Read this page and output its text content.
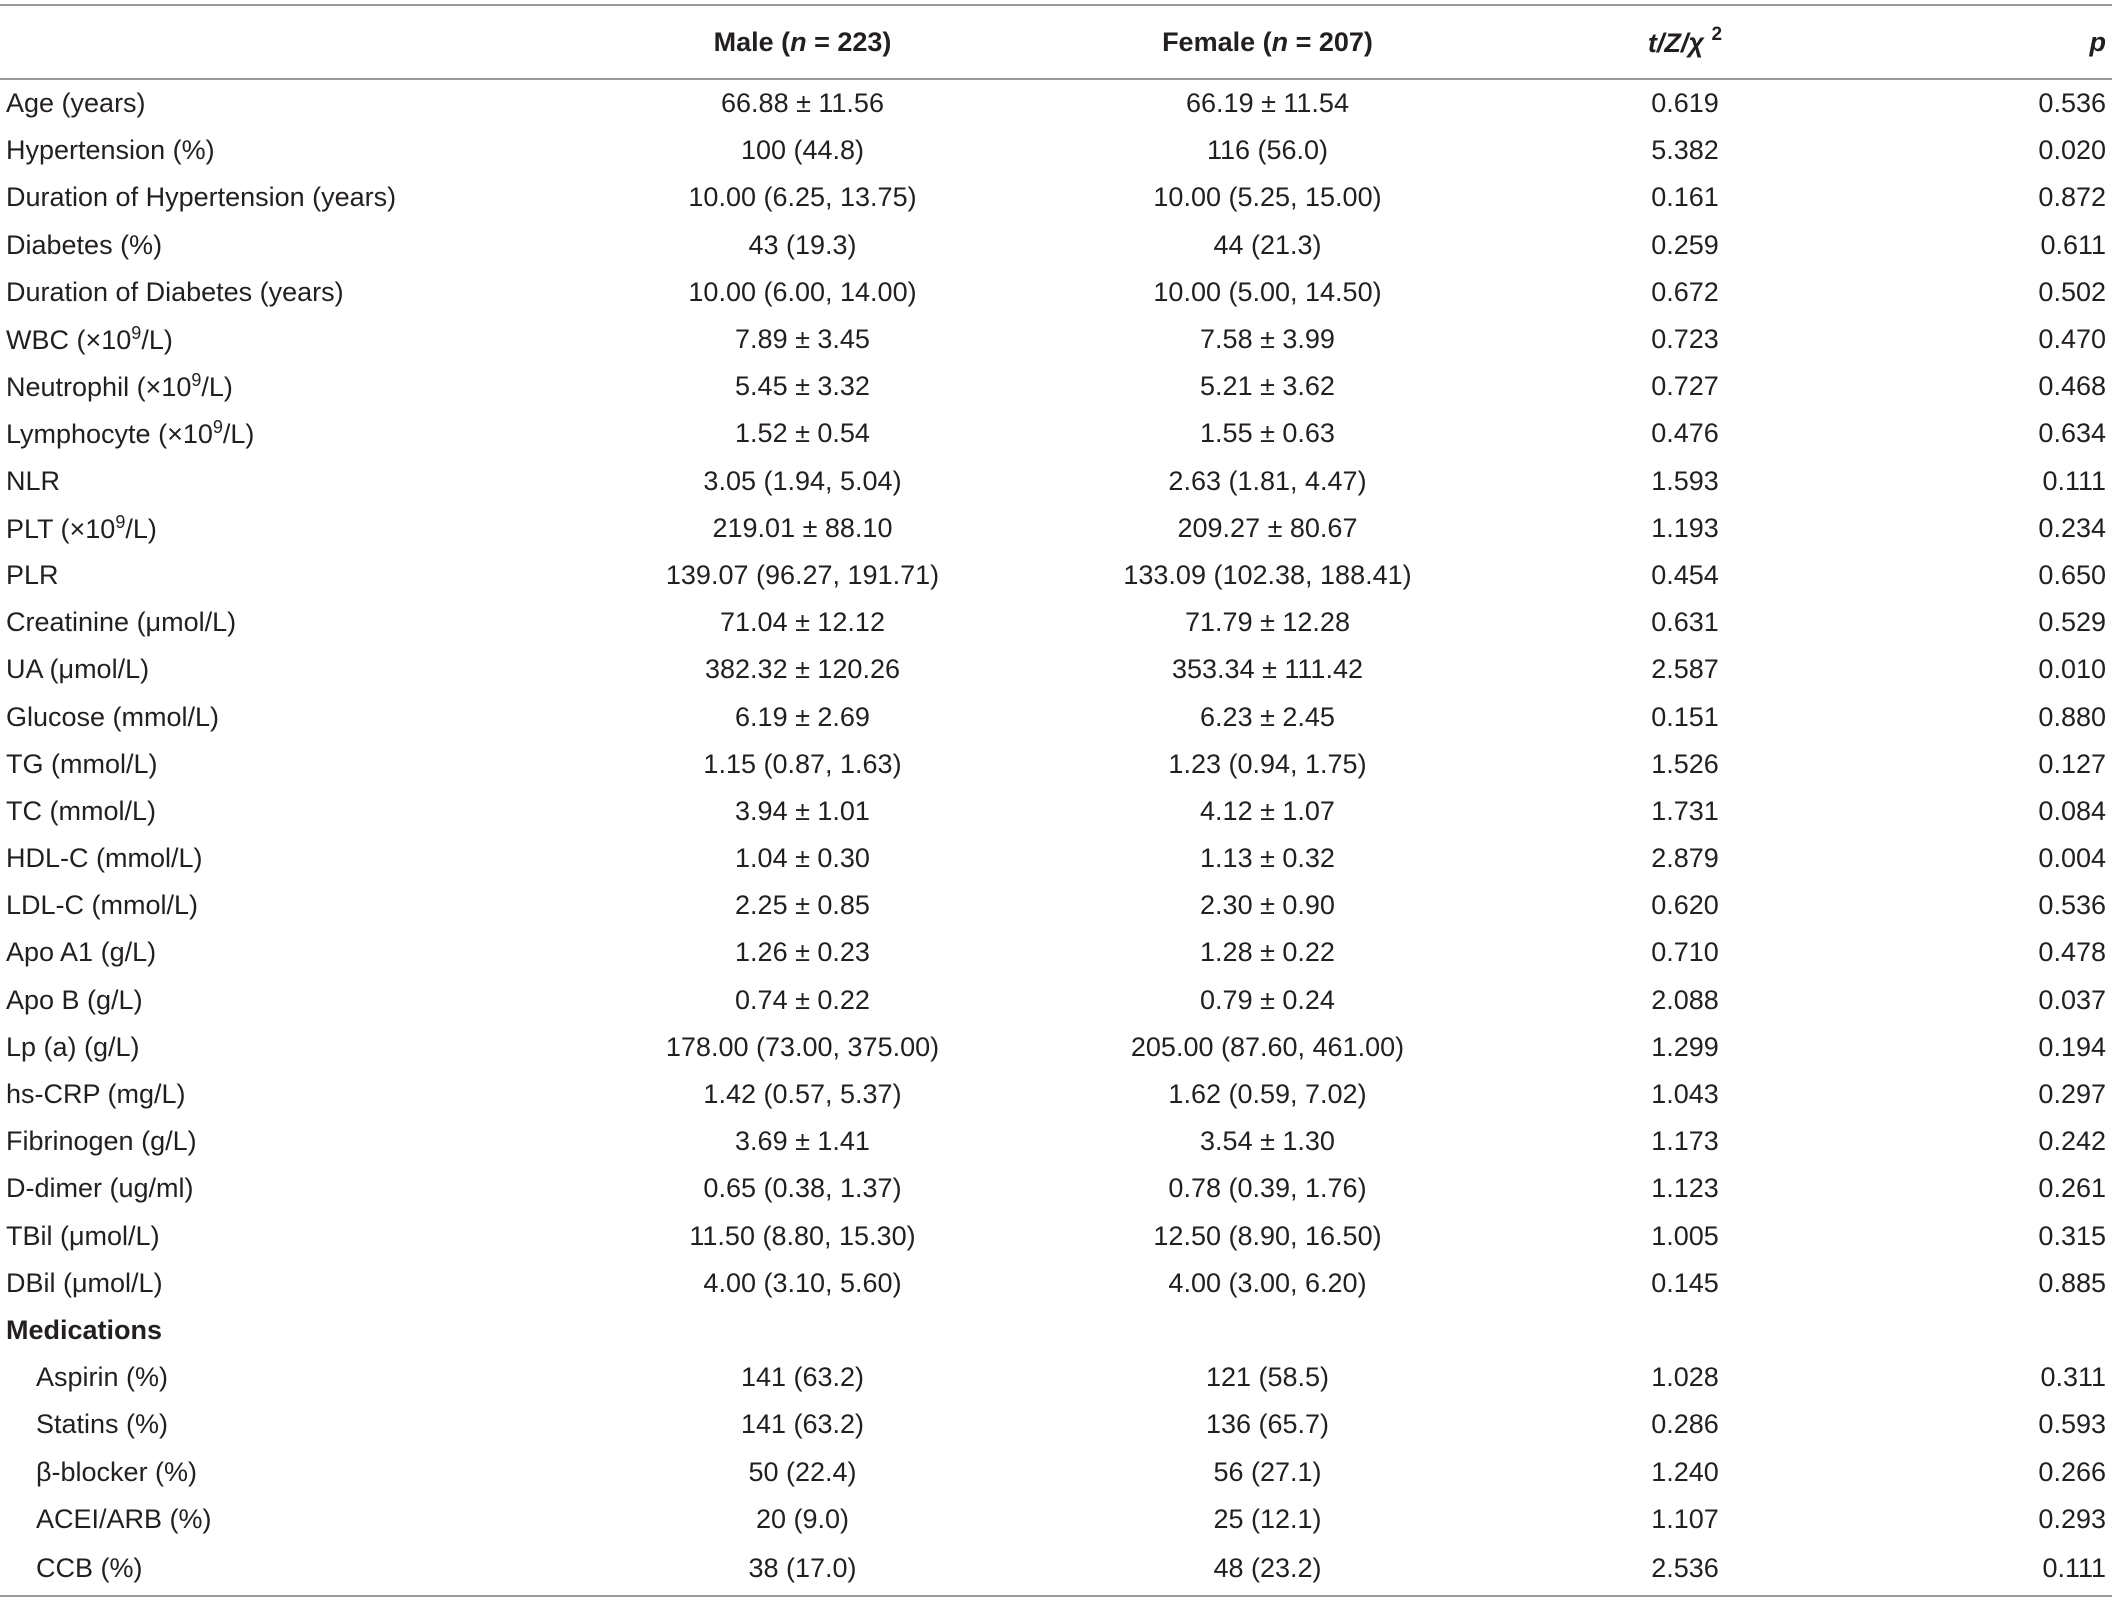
	Male (n = 223)	Female (n = 207)	t/Z/χ $^2$	p
Age (years)	66.88 ± 11.56	66.19 ± 11.54	0.619	0.536
Hypertension (%)	100 (44.8)	116 (56.0)	5.382	0.020
Duration of Hypertension (years)	10.00 (6.25, 13.75)	10.00 (5.25, 15.00)	0.161	0.872
Diabetes (%)	43 (19.3)	44 (21.3)	0.259	0.611
Duration of Diabetes (years)	10.00 (6.00, 14.00)	10.00 (5.00, 14.50)	0.672	0.502
WBC $(\times 10^9/L)$	7.89 ± 3.45	7.58 ± 3.99	0.723	0.470
Neutrophil $(\times 10^9/L)$	5.45 ± 3.32	5.21 ± 3.62	0.727	0.468
Lymphocyte $(\times 10^9/L)$	1.52 ± 0.54	1.55 ± 0.63	0.476	0.634
NLR	3.05 (1.94, 5.04)	2.63 (1.81, 4.47)	1.593	0.111
PLT $(\times 10^9/L)$	219.01 ± 88.10	209.27 ± 80.67	1.193	0.234
PLR	139.07 (96.27, 191.71)	133.09 (102.38, 188.41)	0.454	0.650
Creatinine (μmol/L)	71.04 ± 12.12	71.79 ± 12.28	0.631	0.529
UA (μmol/L)	382.32 ± 120.26	353.34 ± 111.42	2.587	0.010
Glucose (mmol/L)	6.19 ± 2.69	6.23 ± 2.45	0.151	0.880
TG (mmol/L)	1.15 (0.87, 1.63)	1.23 (0.94, 1.75)	1.526	0.127
TC (mmol/L)	3.94 ± 1.01	4.12 ± 1.07	1.731	0.084
HDL-C (mmol/L)	1.04 ± 0.30	1.13 ± 0.32	2.879	0.004
LDL-C (mmol/L)	2.25 ± 0.85	2.30 ± 0.90	0.620	0.536
Apo A1 (g/L)	1.26 ± 0.23	1.28 ± 0.22	0.710	0.478
Apo B (g/L)	0.74 ± 0.22	0.79 ± 0.24	2.088	0.037
Lp (a) (g/L)	178.00 (73.00, 375.00)	205.00 (87.60, 461.00)	1.299	0.194
hs-CRP (mg/L)	1.42 (0.57, 5.37)	1.62 (0.59, 7.02)	1.043	0.297
Fibrinogen (g/L)	3.69 ± 1.41	3.54 ± 1.30	1.173	0.242
D-dimer (ug/ml)	0.65 (0.38, 1.37)	0.78 (0.39, 1.76)	1.123	0.261
TBil (μmol/L)	11.50 (8.80, 15.30)	12.50 (8.90, 16.50)	1.005	0.315
DBil (μmol/L)	4.00 (3.10, 5.60)	4.00 (3.00, 6.20)	0.145	0.885
Medications				
Aspirin (%)	141 (63.2)	121 (58.5)	1.028	0.311
Statins (%)	141 (63.2)	136 (65.7)	0.286	0.593
β-blocker (%)	50 (22.4)	56 (27.1)	1.240	0.266
ACEI/ARB (%)	20 (9.0)	25 (12.1)	1.107	0.293
CCB (%)	38 (17.0)	48 (23.2)	2.536	0.111
